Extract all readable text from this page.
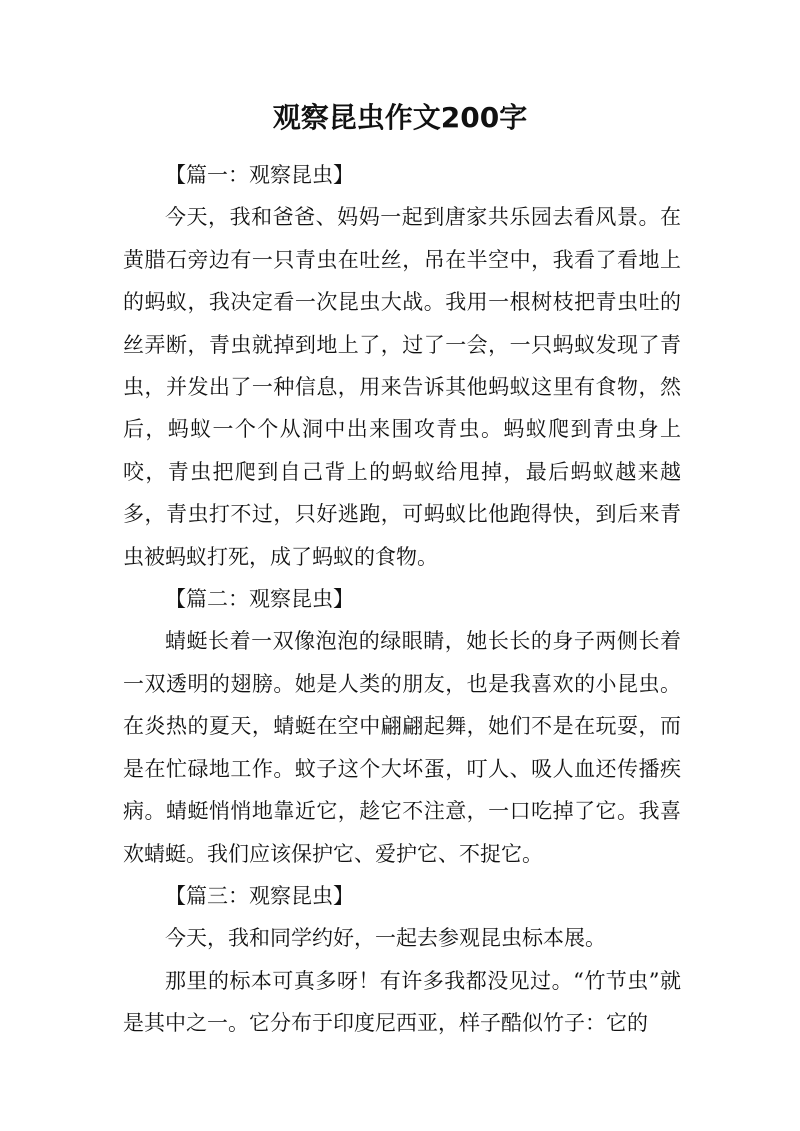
观察昆虫作文200字

【篇一：观察昆虫】

今天，我和爸爸、妈妈一起到唐家共乐园去看风景。在黄腊石旁边有一只青虫在吐丝，吊在半空中，我看了看地上的蚂蚁，我决定看一次昆虫大战。我用一根树枝把青虫吐的丝弄断，青虫就掉到地上了，过了一会，一只蚂蚁发现了青虫，并发出了一种信息，用来告诉其他蚂蚁这里有食物，然后，蚂蚁一个个从洞中出来围攻青虫。蚂蚁爬到青虫身上咬，青虫把爬到自己背上的蚂蚁给甩掉，最后蚂蚁越来越多，青虫打不过，只好逃跑，可蚂蚁比他跑得快，到后来青虫被蚂蚁打死，成了蚂蚁的食物。

【篇二：观察昆虫】

蜻蜓长着一双像泡泡的绿眼睛，她长长的身子两侧长着一双透明的翅膀。她是人类的朋友，也是我喜欢的小昆虫。在炎热的夏天，蜻蜓在空中翩翩起舞，她们不是在玩耍，而是在忙碌地工作。蚊子这个大坏蛋，叮人、吸人血还传播疾病。蜻蜓悄悄地靠近它，趁它不注意，一口吃掉了它。我喜欢蜻蜓。我们应该保护它、爱护它、不捉它。

【篇三：观察昆虫】

今天，我和同学约好，一起去参观昆虫标本展。

那里的标本可真多呀！有许多我都没见过。“竹节虫”就是其中之一。它分布于印度尼西亚，样子酷似竹子：它的
